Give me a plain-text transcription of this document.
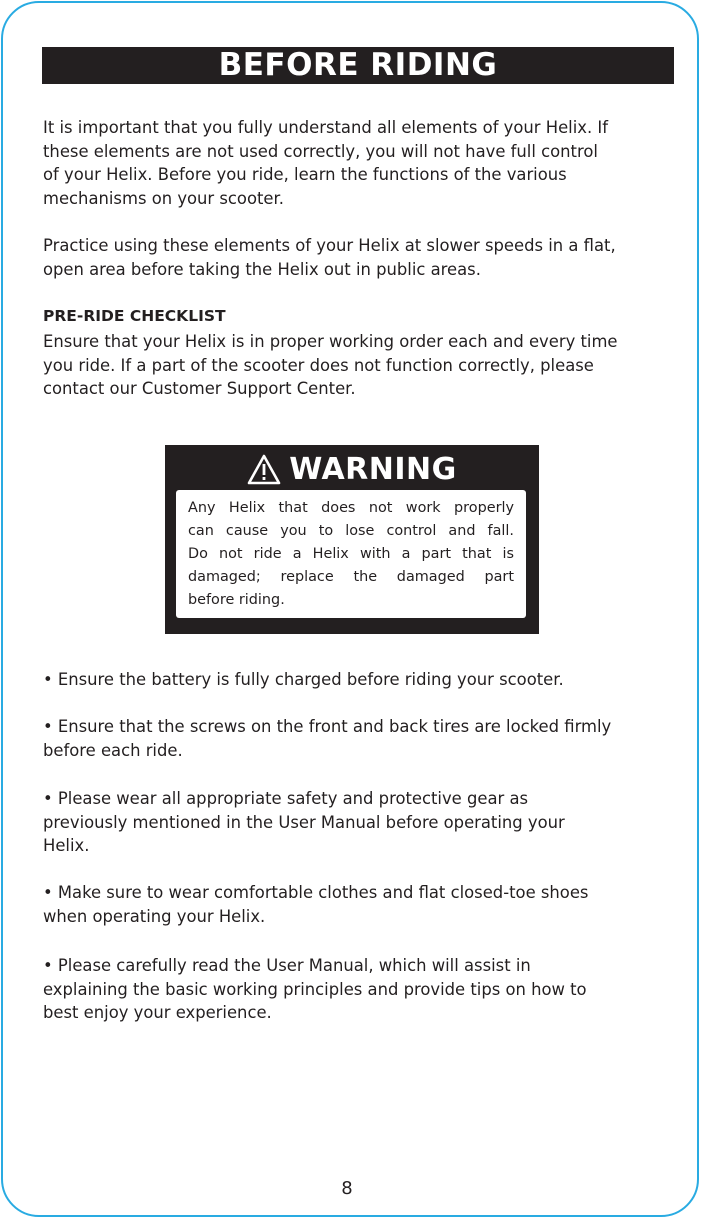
BEFORE RIDING

It is important that you fully understand all elements of your Helix. If
these elements are not used correctly, you will not have full control
of your Helix. Before you ride, learn the functions of the various
mechanisms on your scooter.

Practice using these elements of your Helix at slower speeds in a flat,
open area before taking the Helix out in public areas.

PRE-RIDE CHECKLIST

Ensure that your Helix is in proper working order each and every time
you ride. If a part of the scooter does not function correctly, please
contact our Customer Support Center.

WARNING

Any Helix that does not work properly
can cause you to lose control and fall.
Do not ride a Helix with a part that is
damaged; replace the damaged part
before riding.

• Ensure the battery is fully charged before riding your scooter.

• Ensure that the screws on the front and back tires are locked firmly
before each ride.

• Please wear all appropriate safety and protective gear as
previously mentioned in the User Manual before operating your
Helix.

• Make sure to wear comfortable clothes and flat closed-toe shoes
when operating your Helix.

• Please carefully read the User Manual, which will assist in
explaining the basic working principles and provide tips on how to
best enjoy your experience.

8
